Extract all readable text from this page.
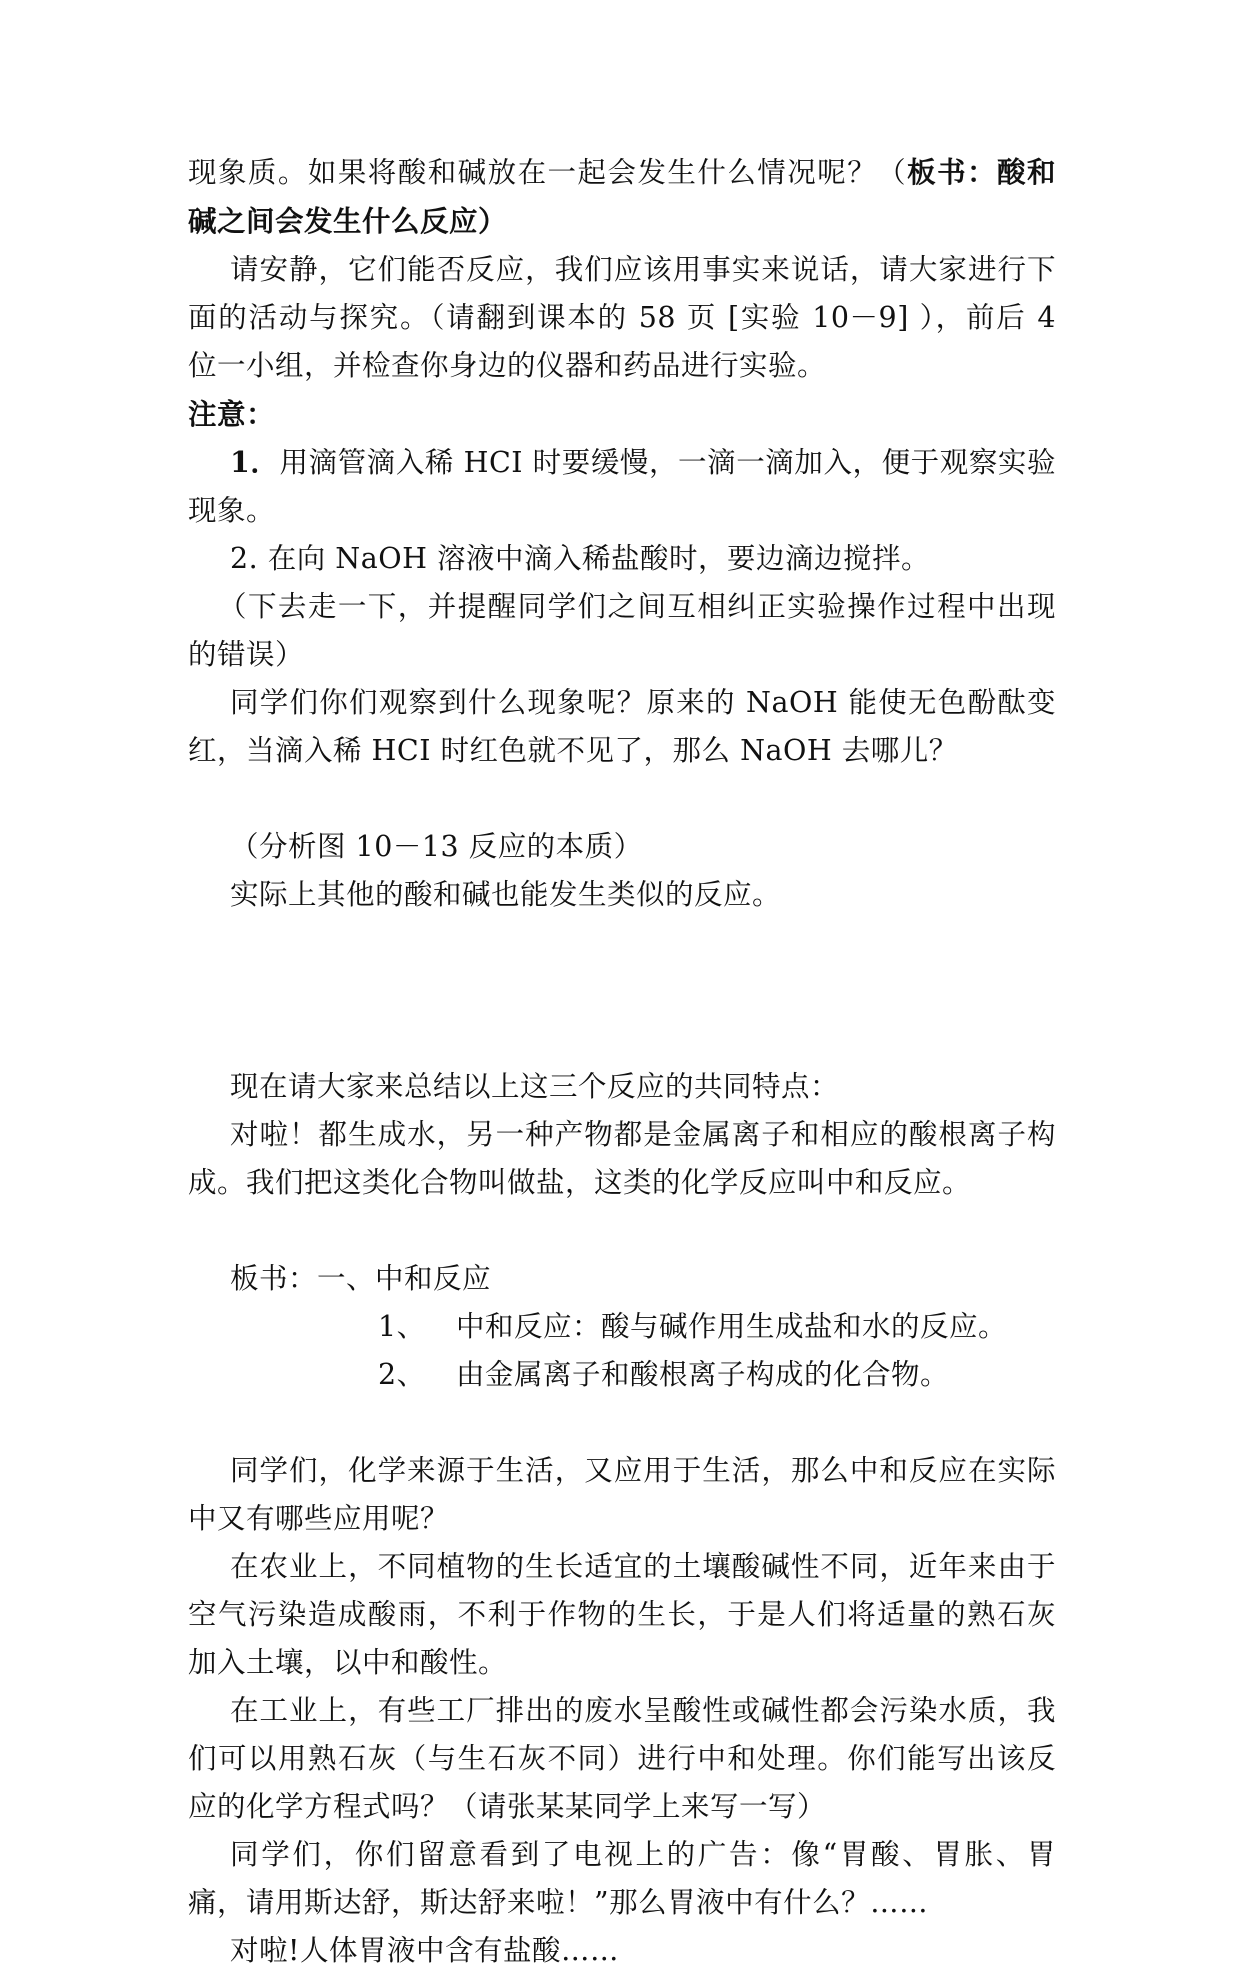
现象质。如果将酸和碱放在一起会发生什么情况呢？（板书：酸和碱之间会发生什么反应）

请安静，它们能否反应，我们应该用事实来说话，请大家进行下面的活动与探究。（请翻到课本的 58 页 [实验 10－9] ），前后 4 位一小组，并检查你身边的仪器和药品进行实验。

注意：

1．用滴管滴入稀 HCI 时要缓慢，一滴一滴加入，便于观察实验现象。

2. 在向 NaOH 溶液中滴入稀盐酸时，要边滴边搅拌。

（下去走一下，并提醒同学们之间互相纠正实验操作过程中出现的错误）

同学们你们观察到什么现象呢？原来的 NaOH 能使无色酚酞变红，当滴入稀 HCI 时红色就不见了，那么 NaOH 去哪儿？

（分析图 10－13 反应的本质）

实际上其他的酸和碱也能发生类似的反应。

现在请大家来总结以上这三个反应的共同特点：

对啦！都生成水，另一种产物都是金属离子和相应的酸根离子构成。我们把这类化合物叫做盐，这类的化学反应叫中和反应。

板书：一、中和反应

1、 中和反应：酸与碱作用生成盐和水的反应。

2、 由金属离子和酸根离子构成的化合物。

同学们，化学来源于生活，又应用于生活，那么中和反应在实际中又有哪些应用呢？

在农业上，不同植物的生长适宜的土壤酸碱性不同，近年来由于空气污染造成酸雨，不利于作物的生长，于是人们将适量的熟石灰加入土壤，以中和酸性。

在工业上，有些工厂排出的废水呈酸性或碱性都会污染水质，我们可以用熟石灰（与生石灰不同）进行中和处理。你们能写出该反应的化学方程式吗？（请张某某同学上来写一写）

同学们，你们留意看到了电视上的广告：像“胃酸、胃胀、胃痛，请用斯达舒，斯达舒来啦！”那么胃液中有什么？……

对啦!人体胃液中含有盐酸……
